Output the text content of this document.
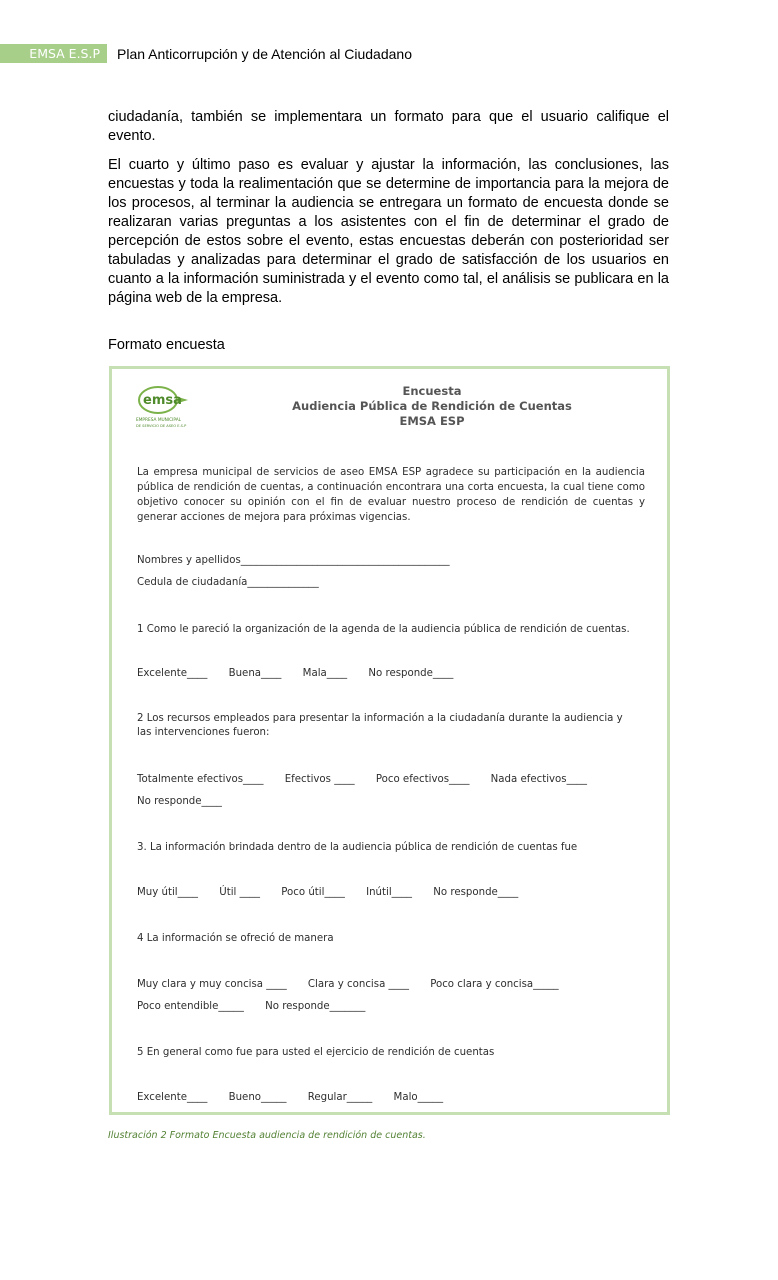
EMSA E.S.P	Plan Anticorrupción y de Atención al Ciudadano

ciudadanía, también se implementara un formato para que el usuario califique el evento.

El cuarto y último paso es evaluar y ajustar la información, las conclusiones, las encuestas y toda la realimentación que se determine de importancia para la mejora de los procesos, al terminar la audiencia se entregara un formato de encuesta donde se realizaran varias preguntas a los asistentes con el fin de determinar el grado de percepción de estos sobre el evento, estas encuestas deberán con posterioridad ser tabuladas y analizadas para determinar el grado de satisfacción de los usuarios en cuanto a la información suministrada y el evento como tal, el análisis se publicara en la página web de la empresa.

Formato encuesta
emsa
EMPRESA MUNICIPAL
DE SERVICIO DE ASEO E.S.P
Encuesta
Audiencia Pública de Rendición de Cuentas
EMSA ESP
La empresa municipal de servicios de aseo EMSA ESP agradece su participación en la audiencia pública de rendición de cuentas, a continuación encontrara una corta encuesta, la cual tiene como objetivo conocer su opinión con el fin de evaluar nuestro proceso de rendición de cuentas y generar acciones de mejora para próximas vigencias.
Nombres y apellidos_________________________________________
Cedula de ciudadanía______________
1 Como le pareció la organización de la agenda de la audiencia pública de rendición de cuentas.
Excelente____ Buena____ Mala____ No responde____
2 Los recursos empleados para presentar la información a la ciudadanía durante la audiencia y
las intervenciones fueron:
Totalmente efectivos____ Efectivos ____ Poco efectivos____ Nada efectivos____
No responde____
3. La información brindada dentro de la audiencia pública de rendición de cuentas fue
Muy útil____ Útil ____ Poco útil____ Inútil____ No responde____
4 La información se ofreció de manera
Muy clara y muy concisa ____ Clara y concisa ____ Poco clara y concisa_____
Poco entendible_____ No responde_______
5 En general como fue para usted el ejercicio de rendición de cuentas
Excelente____ Bueno_____ Regular_____ Malo_____
Ilustración 2 Formato Encuesta audiencia de rendición de cuentas.
